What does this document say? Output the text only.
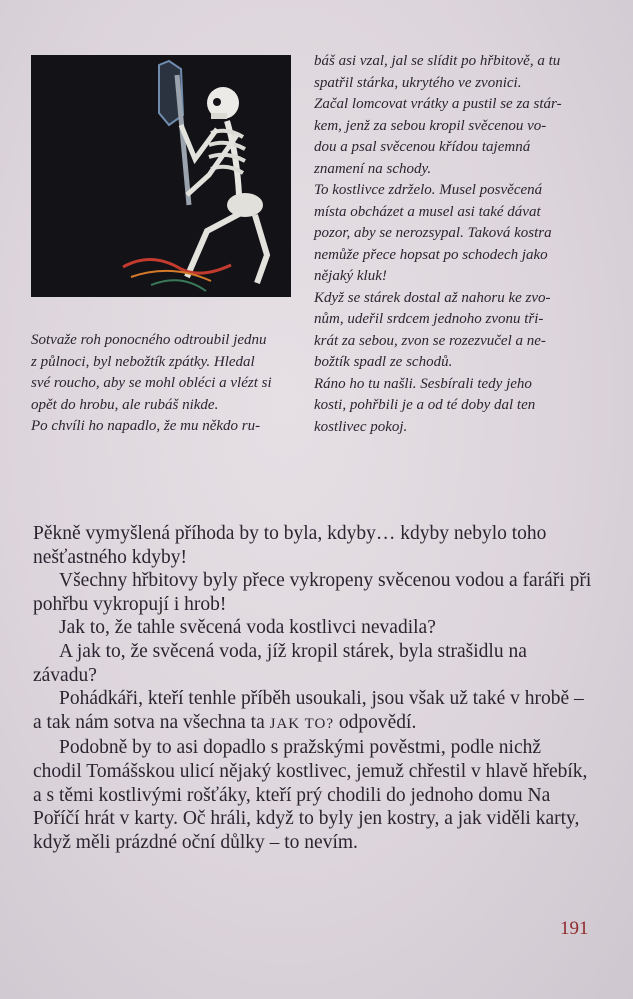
Sotvaže roh ponocného odtroubil jednu

z půlnoci, byl nebožtík zpátky. Hledal

své roucho, aby se mohl obléci a vlézt si

opět do hrobu, ale rubáš nikde.

Po chvíli ho napadlo, že mu někdo ru-

báš asi vzal, jal se slídit po hřbitově, a tu

spatřil stárka, ukrytého ve zvonici.

Začal lomcovat vrátky a pustil se za stár-

kem, jenž za sebou kropil svěcenou vo-

dou a psal svěcenou křídou tajemná

znamení na schody.

To kostlivce zdrželo. Musel posvěcená

místa obcházet a musel asi také dávat

pozor, aby se nerozsypal. Taková kostra

nemůže přece hopsat po schodech jako

nějaký kluk!

Když se stárek dostal až nahoru ke zvo-

nům, udeřil srdcem jednoho zvonu tři-

krát za sebou, zvon se rozezvučel a ne-

božtík spadl ze schodů.

Ráno ho tu našli. Sesbírali tedy jeho

kosti, pohřbili je a od té doby dal ten

kostlivec pokoj.

Pěkně vymyšlená příhoda by to byla, kdyby… kdyby nebylo toho nešťastného kdyby!

Všechny hřbitovy byly přece vykropeny svěcenou vodou a faráři při pohřbu vykropují i hrob!

Jak to, že tahle svěcená voda kostlivci nevadila?

A jak to, že svěcená voda, jíž kropil stárek, byla strašidlu na závadu?

Pohádkáři, kteří tenhle příběh usoukali, jsou však už také v hrobě – a tak nám sotva na všechna ta JAK TO? odpovědí.

Podobně by to asi dopadlo s pražskými pověstmi, podle nichž chodil Tomášskou ulicí nějaký kostlivec, jemuž chřestil v hlavě hřebík, a s těmi kostlivými rošťáky, kteří prý chodili do jednoho domu Na Poříčí hrát v karty. Oč hráli, když to byly jen kostry, a jak viděli karty, když měli prázdné oční důlky – to nevím.

191
